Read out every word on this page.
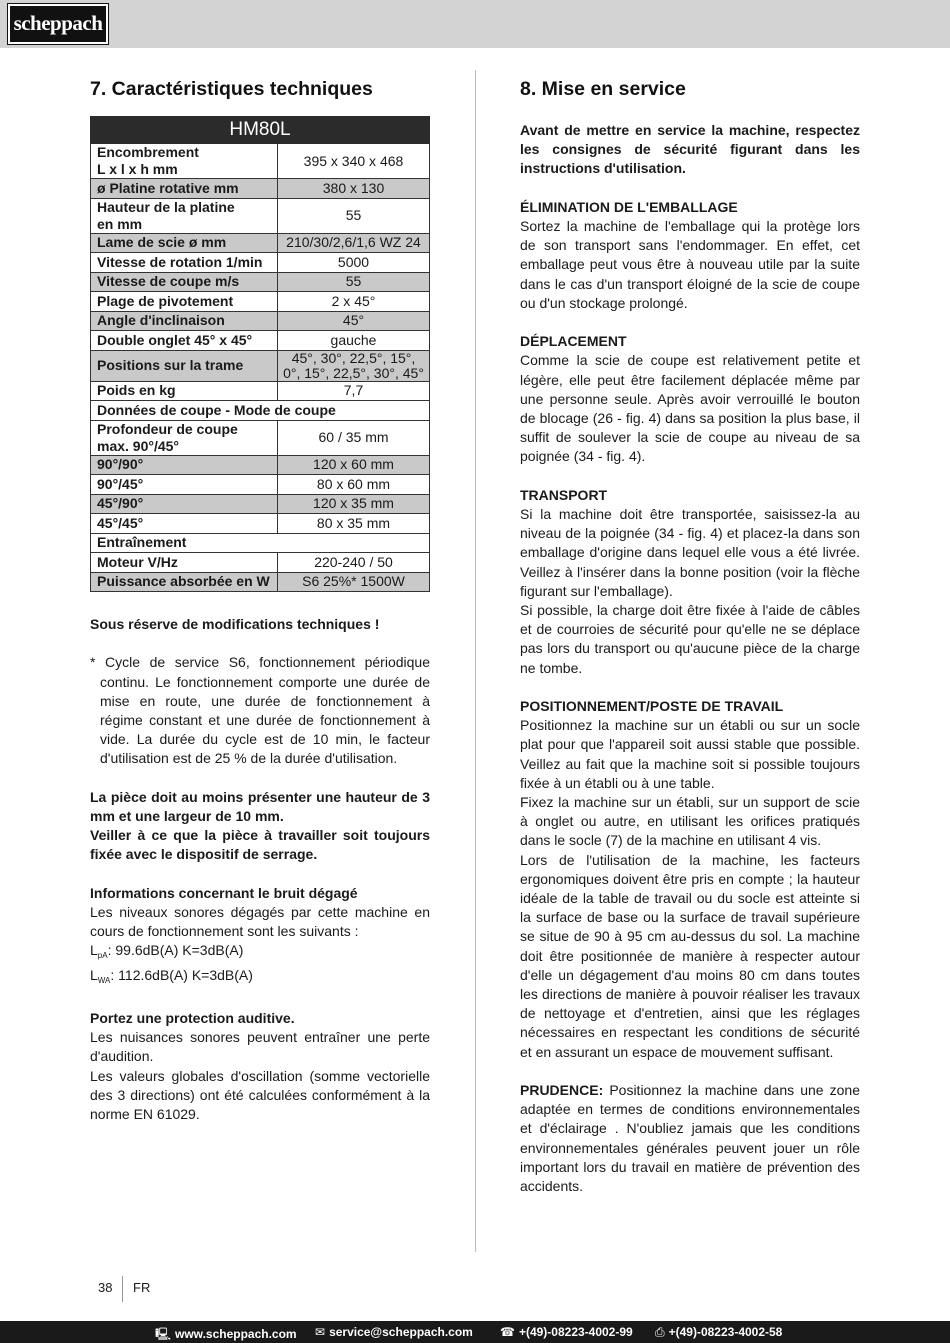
scheppach
7. Caractéristiques techniques
HM80L	

Encombrement
L x l x h mm	395 x 340 x 468

ø Platine rotative mm	380 x 130

Hauteur de la platine
en mm	55

Lame de scie ø mm	210/30/2,6/1,6 WZ 24

Vitesse de rotation 1/min	5000

Vitesse de coupe m/s	55

Plage de pivotement	2 x 45°

Angle d'inclinaison	45°

Double onglet 45° x 45°	gauche

Positions sur la trame	45°, 30°, 22,5°, 15°,
0°, 15°, 22,5°, 30°, 45°

Poids en kg	7,7

Données de coupe - Mode de coupe	

Profondeur de coupe
max. 90°/45°	60 / 35 mm

90°/90°	120 x 60 mm

90°/45°	80 x 60 mm

45°/90°	120 x 35 mm

45°/45°	80 x 35 mm

Entraînement	

Moteur V/Hz	220-240 / 50

Puissance absorbée en W	S6 25%* 1500W

Sous réserve de modifications techniques !

* Cycle de service S6, fonctionnement périodique continu. Le fonctionnement comporte une durée de mise en route, une durée de fonctionnement à régime constant et une durée de fonctionnement à vide. La durée du cycle est de 10 min, le facteur d'utilisation est de 25 % de la durée d'utilisation.

La pièce doit au moins présenter une hauteur de 3 mm et une largeur de 10 mm.

Veiller à ce que la pièce à travailler soit toujours fixée avec le dispositif de serrage.

Informations concernant le bruit dégagé

Les niveaux sonores dégagés par cette machine en cours de fonctionnement sont les suivants :

$L_{pA}$: 99.6dB(A) K=3dB(A)

$L_{WA}$: 112.6dB(A) K=3dB(A)

Portez une protection auditive.

Les nuisances sonores peuvent entraîner une perte d'audition.

Les valeurs globales d'oscillation (somme vectorielle des 3 directions) ont été calculées conformément à la norme EN 61029.

8. Mise en service

Avant de mettre en service la machine, respectez les consignes de sécurité figurant dans les instructions d'utilisation.

ÉLIMINATION DE L'EMBALLAGE

Sortez la machine de l'emballage qui la protège lors de son transport sans l'endommager. En effet, cet emballage peut vous être à nouveau utile par la suite dans le cas d'un transport éloigné de la scie de coupe ou d'un stockage prolongé.

DÉPLACEMENT

Comme la scie de coupe est relativement petite et légère, elle peut être facilement déplacée même par une personne seule. Après avoir verrouillé le bouton de blocage (26 - fig. 4) dans sa position la plus base, il suffit de soulever la scie de coupe au niveau de sa poignée (34 - fig. 4).

TRANSPORT

Si la machine doit être transportée, saisissez-la au niveau de la poignée (34 - fig. 4) et placez-la dans son emballage d'origine dans lequel elle vous a été livrée. Veillez à l'insérer dans la bonne position (voir la flèche figurant sur l'emballage).

Si possible, la charge doit être fixée à l'aide de câbles et de courroies de sécurité pour qu'elle ne se déplace pas lors du transport ou qu'aucune pièce de la charge ne tombe.

POSITIONNEMENT/POSTE DE TRAVAIL

Positionnez la machine sur un établi ou sur un socle plat pour que l'appareil soit aussi stable que possible. Veillez au fait que la machine soit si possible toujours fixée à un établi ou à une table.

Fixez la machine sur un établi, sur un support de scie à onglet ou autre, en utilisant les orifices pratiqués dans le socle (7) de la machine en utilisant 4 vis.

Lors de l'utilisation de la machine, les facteurs ergonomiques doivent être pris en compte ; la hauteur idéale de la table de travail ou du socle est atteinte si la surface de base ou la surface de travail supérieure se situe de 90 à 95 cm au-dessus du sol. La machine doit être positionnée de manière à respecter autour d'elle un dégagement d'au moins 80 cm dans toutes les directions de manière à pouvoir réaliser les travaux de nettoyage et d'entretien, ainsi que les réglages nécessaires en respectant les conditions de sécurité et en assurant un espace de mouvement suffisant.

PRUDENCE: Positionnez la machine dans une zone adaptée en termes de conditions environnementales et d'éclairage . N'oubliez jamais que les conditions environnementales générales peuvent jouer un rôle important lors du travail en matière de prévention des accidents.

38 FR
🖳 www.scheppach.com ✉ service@scheppach.com ☎ +(49)-08223-4002-99 ⎙ +(49)-08223-4002-58
